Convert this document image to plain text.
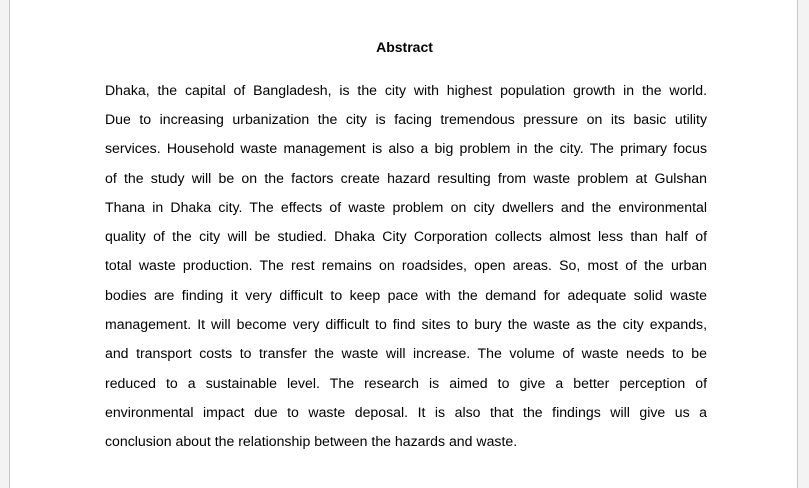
Abstract
Dhaka, the capital of Bangladesh, is the city with highest population growth in the world.
Due to increasing urbanization the city is facing tremendous pressure on its basic utility
services. Household waste management is also a big problem in the city. The primary focus
of the study will be on the factors create hazard resulting from waste problem at Gulshan
Thana in Dhaka city. The effects of waste problem on city dwellers and the environmental
quality of the city will be studied. Dhaka City Corporation collects almost less than half of
total waste production. The rest remains on roadsides, open areas. So, most of the urban
bodies are finding it very difficult to keep pace with the demand for adequate solid waste
management. It will become very difficult to find sites to bury the waste as the city expands,
and transport costs to transfer the waste will increase. The volume of waste needs to be
reduced to a sustainable level. The research is aimed to give a better perception of
environmental impact due to waste deposal. It is also that the findings will give us a
conclusion about the relationship between the hazards and waste.
